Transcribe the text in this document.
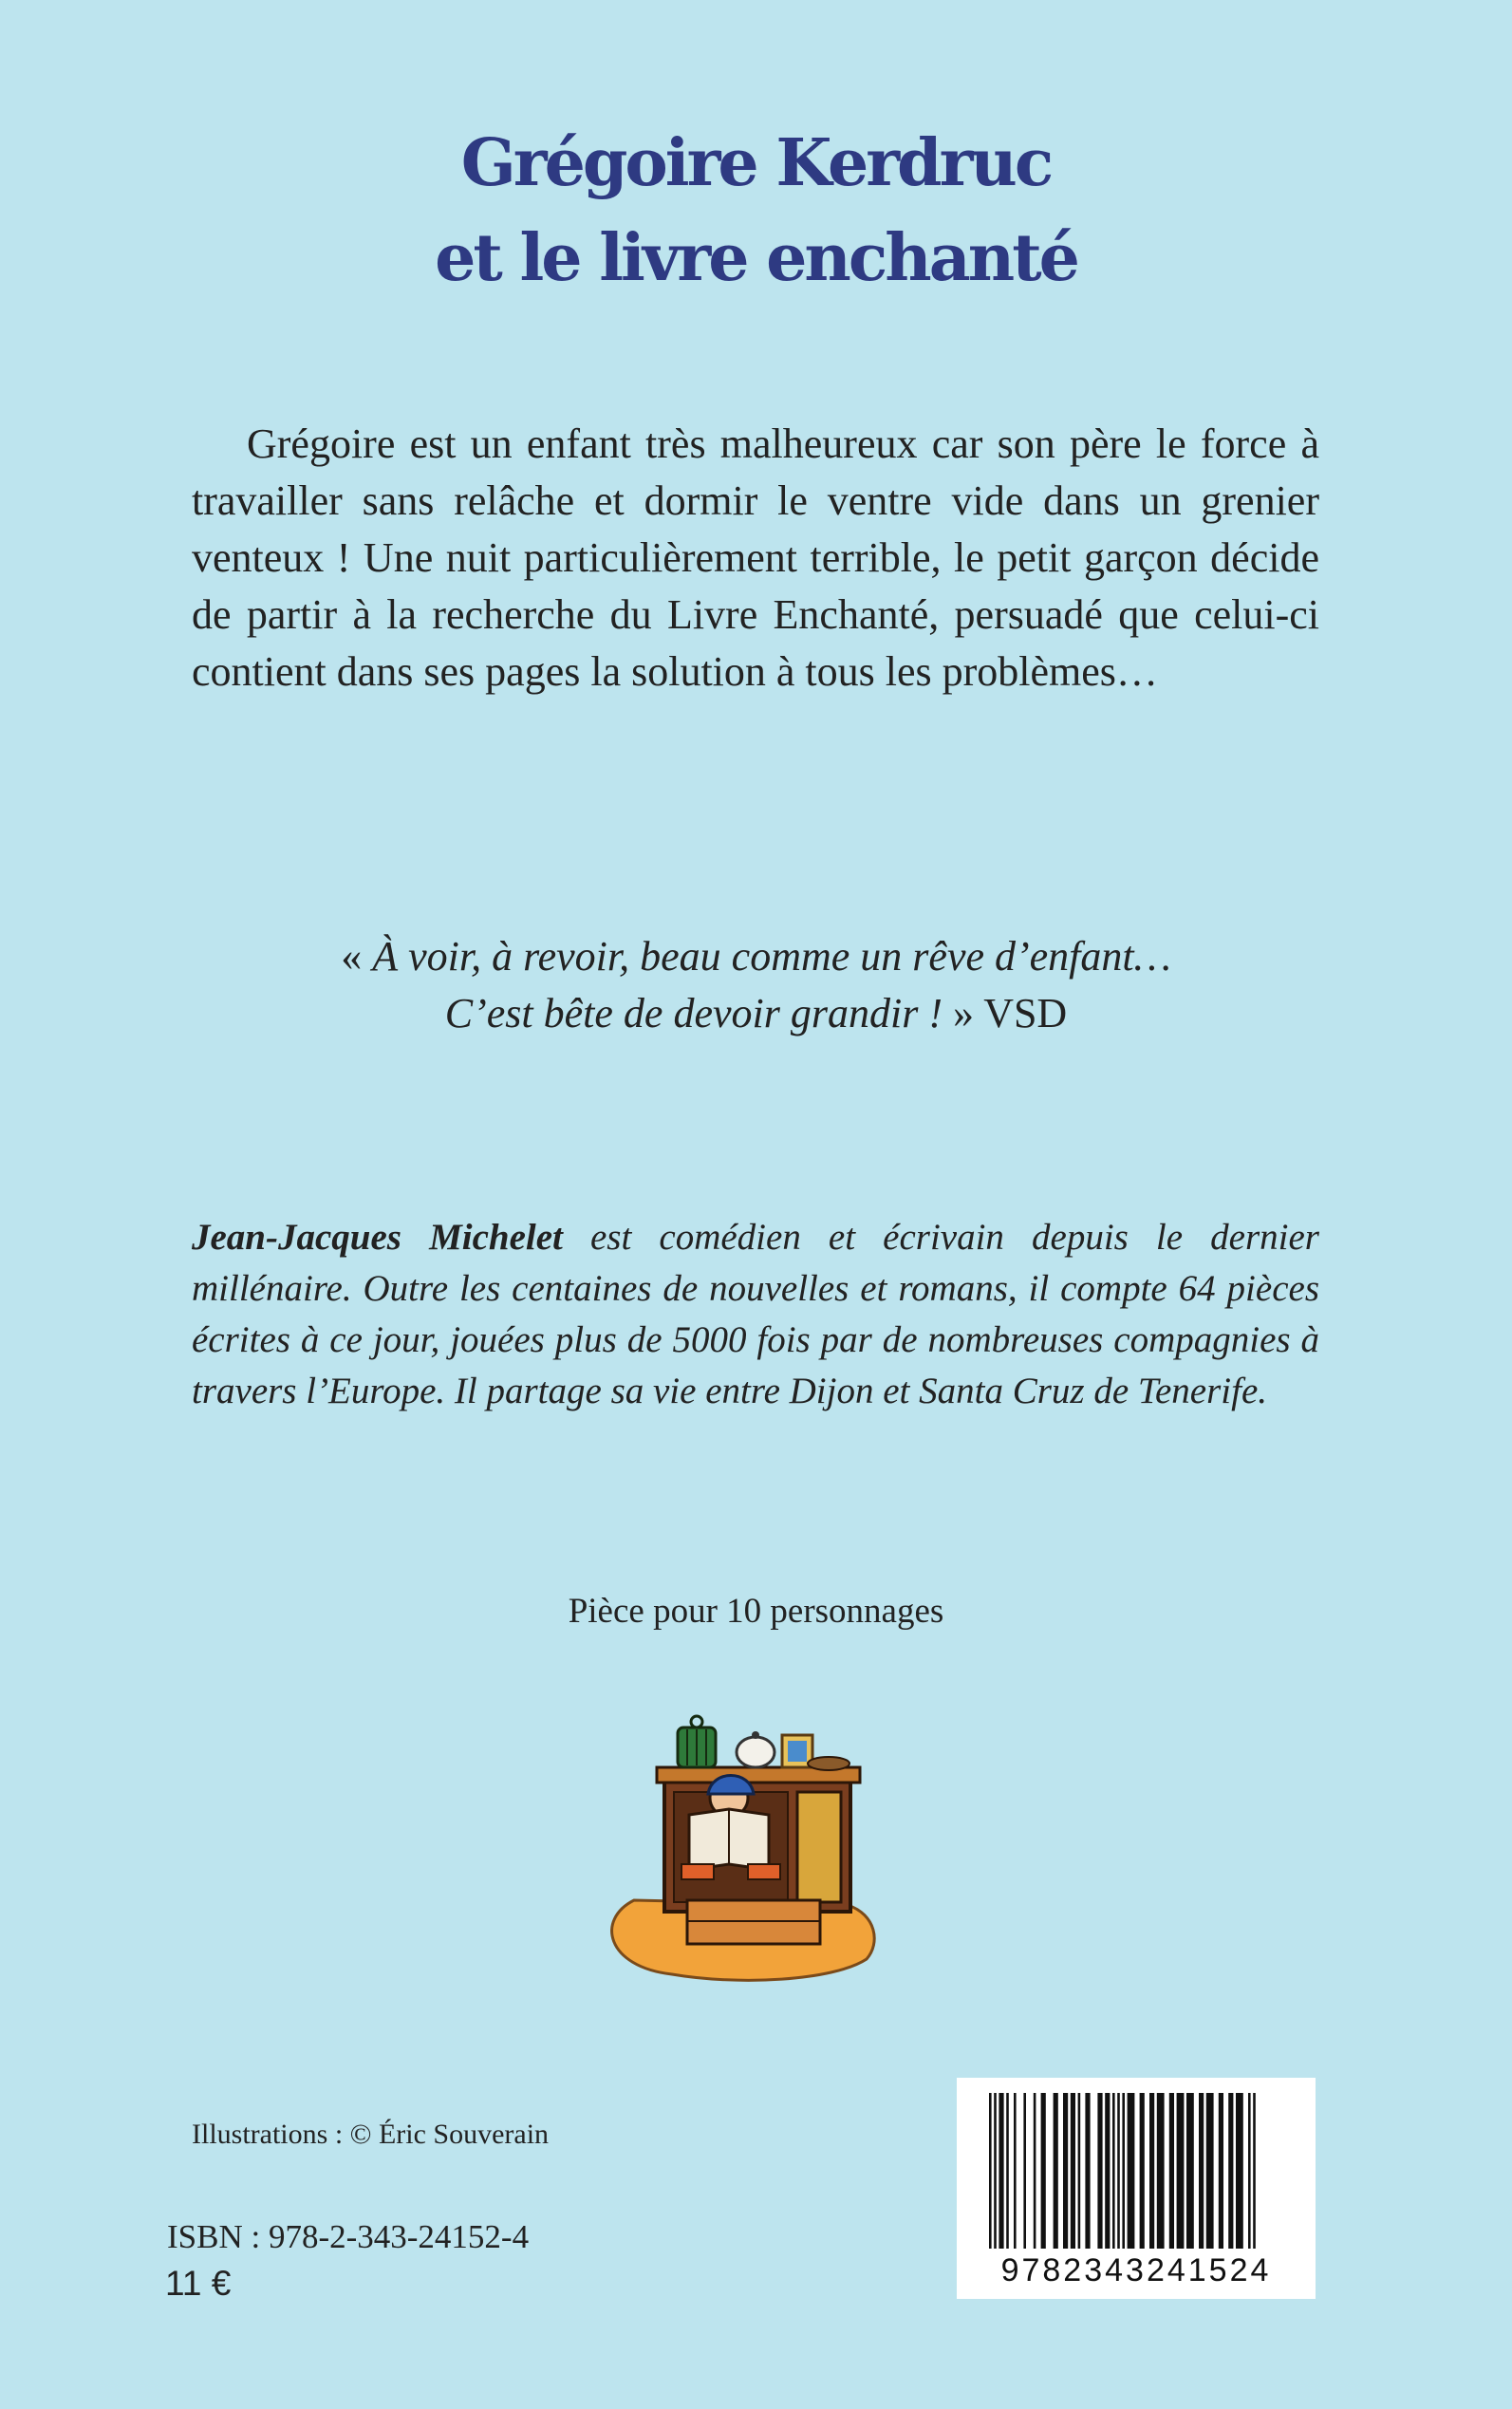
Grégoire Kerdruc
et le livre enchanté

Grégoire est un enfant très malheureux car son père le force à travailler sans relâche et dormir le ventre vide dans un grenier venteux ! Une nuit particulièrement terrible, le petit garçon décide de partir à la recherche du Livre Enchanté, persuadé que celui-ci contient dans ses pages la solution à tous les problèmes…

« À voir, à revoir, beau comme un rêve d’enfant…
C’est bête de devoir grandir ! » VSD

Jean-Jacques Michelet est comédien et écrivain depuis le dernier millénaire. Outre les centaines de nouvelles et romans, il compte 64 pièces écrites à ce jour, jouées plus de 5000 fois par de nombreuses compagnies à travers l’Europe. Il partage sa vie entre Dijon et Santa Cruz de Tenerife.

Pièce pour 10 personnages
Illustrations : © Éric Souverain
ISBN : 978-2-343-24152-4
11 €	9782343241524
